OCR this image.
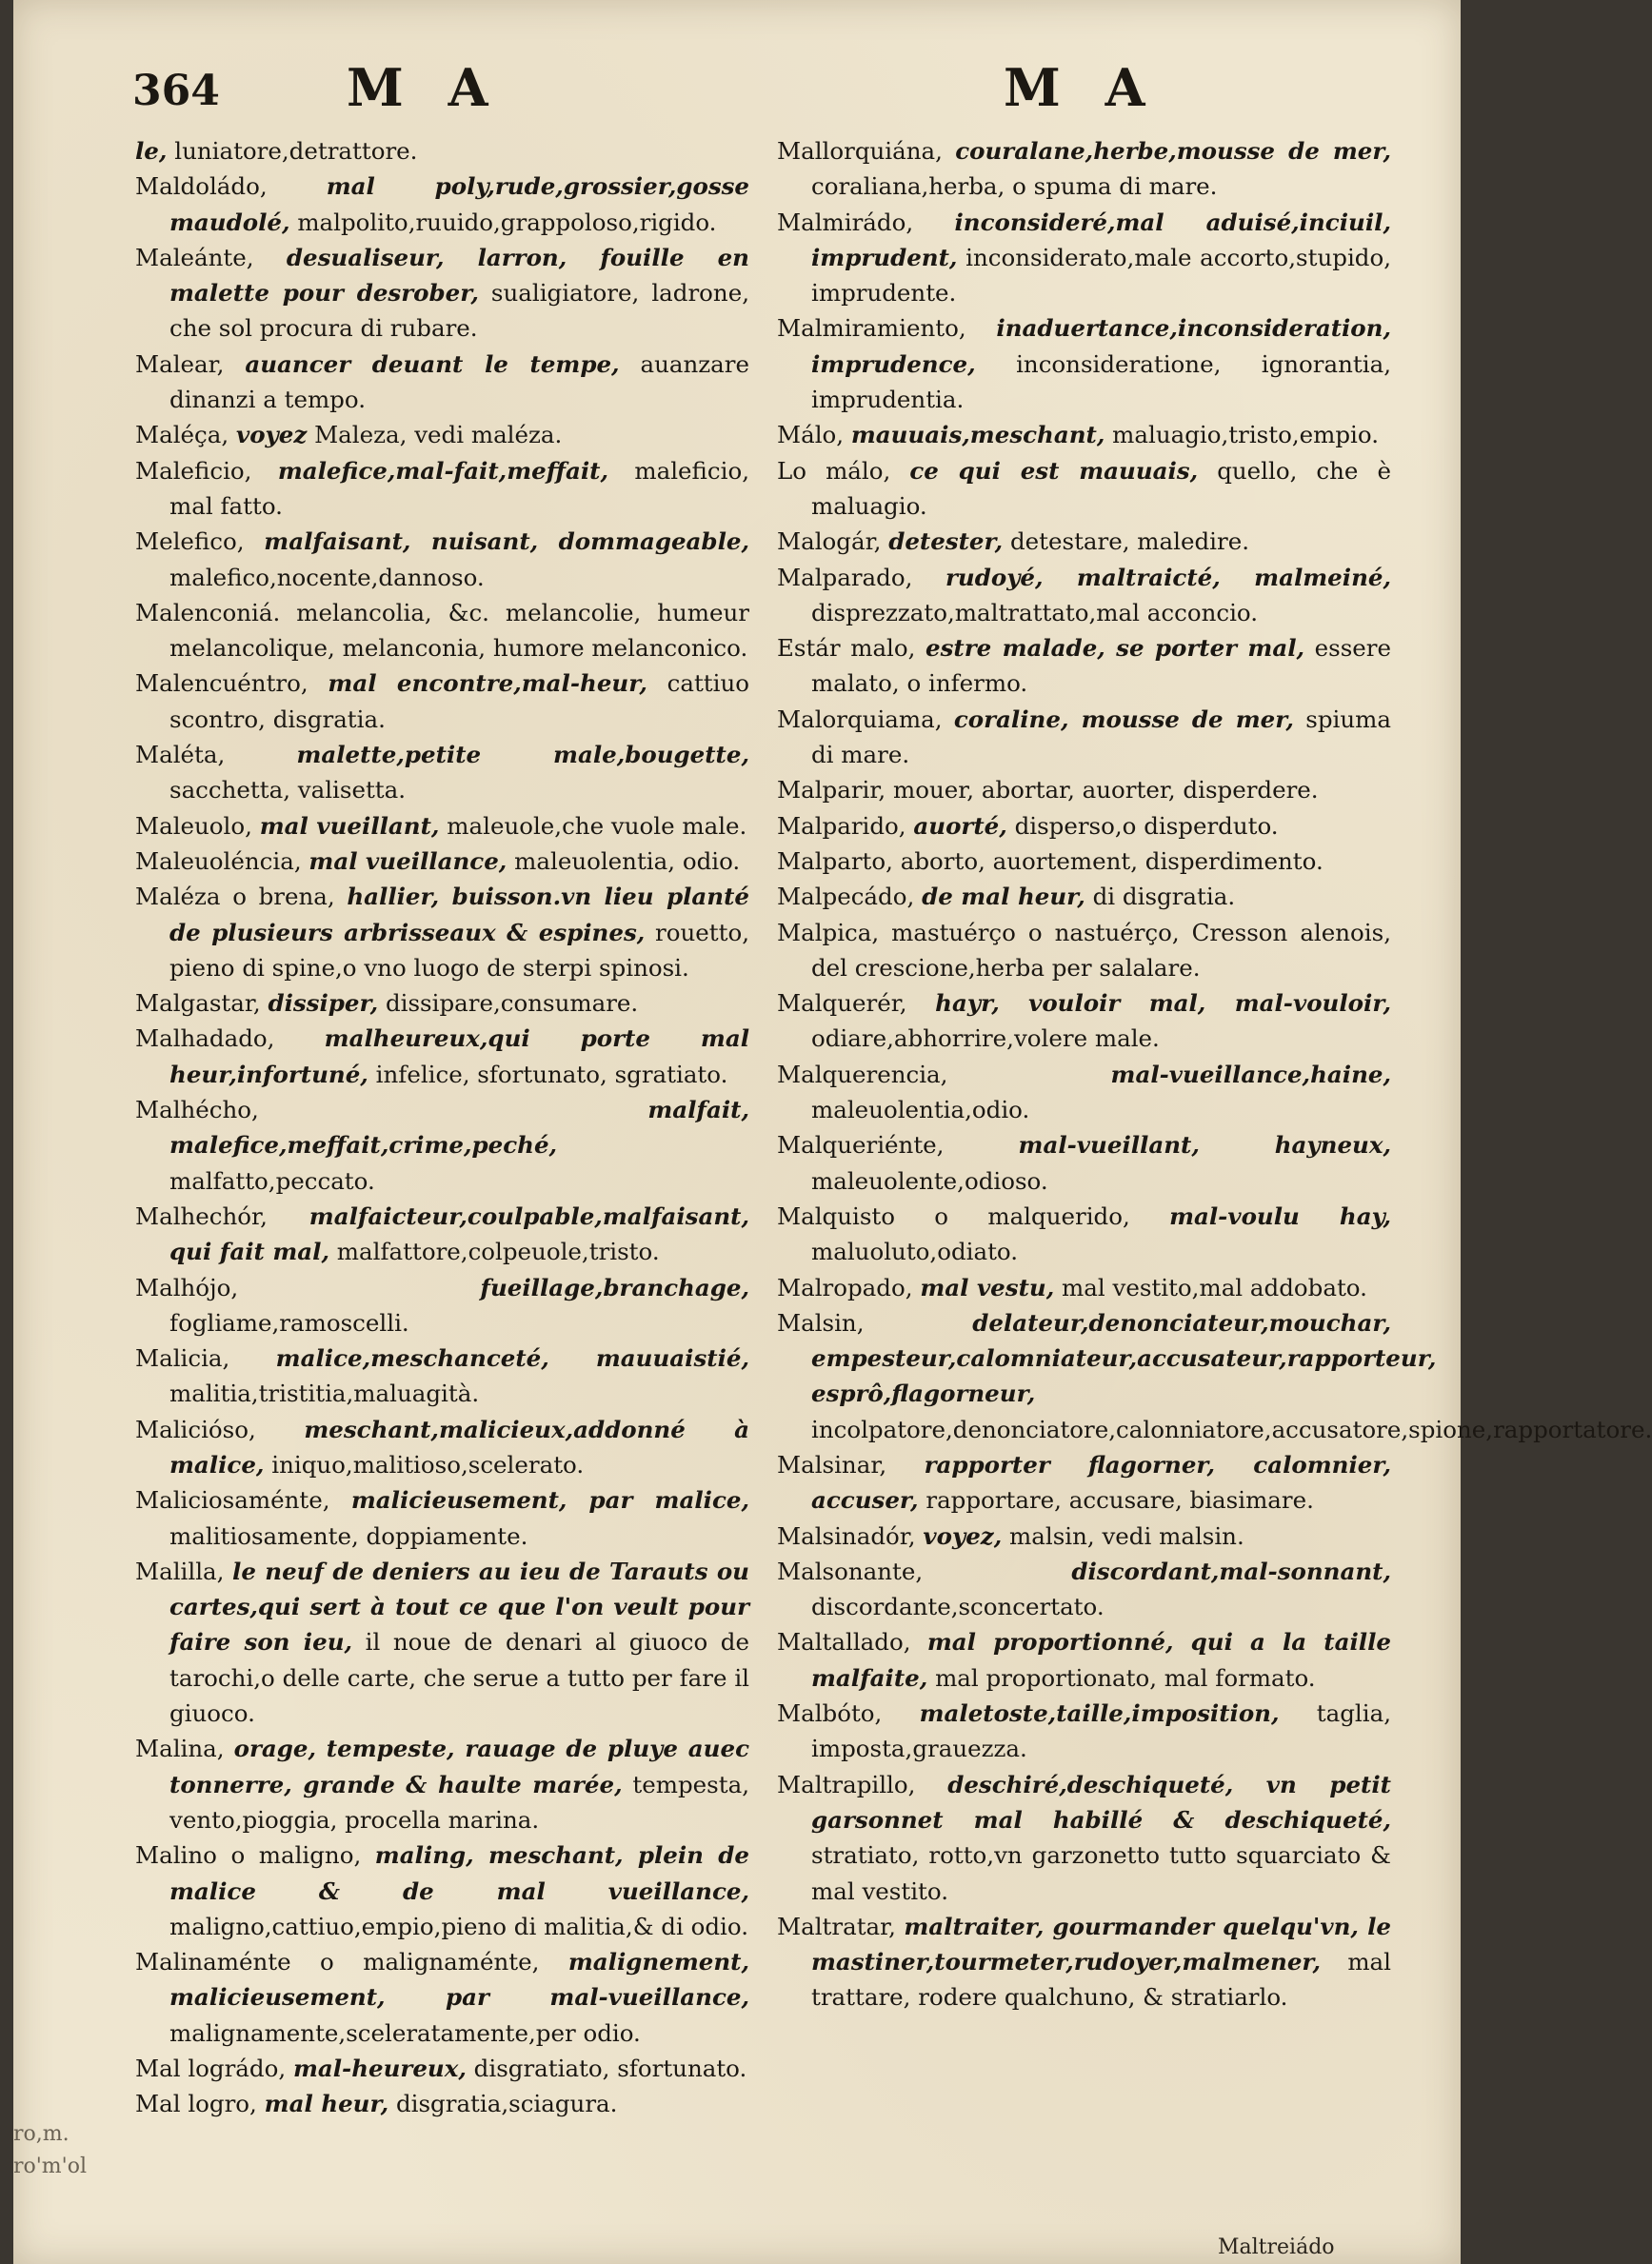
364 M A	M A
le, luniatore,detrattore.
Maldoládo,	mal poly,rude,grossier,gosse maudolé, malpolito,ruuido,grappoloso,rigido.
Maleánte, desualiseur, larron, fouille en malette pour desrober, sualigiatore, ladrone, che sol procura di rubare.
Malear, auancer deuant le tempe, auanzare dinanzi a tempo.
Maléça, voyez Maleza, vedi maléza.
Maleficio, malefice,mal-fait,meffait, maleficio, mal fatto.
Melefico, malfaisant, nuisant, dommageable, malefico,nocente,dannoso.
Malenconiá. melancolia, &c. melancolie, humeur melancolique, melanconia, humore melanconico.
Malencuéntro, mal encontre,mal-heur, cattiuo scontro, disgratia.
Maléta,	malette,petite male,bougette, sacchetta, valisetta.
Maleuolo, mal vueillant, maleuole,che vuole male.
Maleuoléncia, mal vueillance, maleuolentia, odio.
Maléza o brena, hallier, buisson.vn lieu planté de plusieurs arbrisseaux & espines, rouetto, pieno di spine,o vno luogo de sterpi spinosi.
Malgastar, dissiper, dissipare,consumare.
Malhadado, malheureux,qui porte mal heur,infortuné, infelice, sfortunato, sgratiato.
Malhécho,	malfait, malefice,meffait,crime,peché, malfatto,peccato.
Malhechór, malfaicteur,coulpable,malfaisant, qui fait mal, malfattore,colpeuole,tristo.
Malhójo,	fueillage,branchage, fogliame,ramoscelli.
Malicia, malice,meschanceté, mauuaistié, malitia,tristitia,maluagità.
Malicióso, meschant,malicieux,addonné à malice, iniquo,malitioso,scelerato.
Maliciosaménte, malicieusement, par malice, malitiosamente, doppiamente.
Malilla, le neuf de deniers au ieu de Tarauts ou cartes,qui sert à tout ce que l'on veult pour faire son ieu, il noue de denari al giuoco de tarochi,o delle carte, che serue a tutto per fare il giuoco.
Malina, orage, tempeste, rauage de pluye auec tonnerre, grande & haulte marée, tempesta, vento,pioggia, procella marina.
Malino o maligno, maling, meschant, plein de malice & de mal vueillance, maligno,cattiuo,empio,pieno di malitia,& di odio.
Malinaménte o malignaménte, malignement, malicieusement, par mal-vueillance, malignamente,sceleratamente,per odio.
Mal lográdo, mal-heureux, disgratiato, sfortunato.
Mal logro, mal heur, disgratia,sciagura.
Mallorquiána, couralane,herbe,mousse de mer, coraliana,herba, o spuma di mare.
Malmirádo, inconsideré,mal aduisé,inciuil, imprudent, inconsiderato,male accorto,stupido, imprudente.
Malmiramiento, inaduertance,inconsideration, imprudence, inconsideratione, ignorantia, imprudentia.
Málo, mauuais,meschant, maluagio,tristo,empio.
Lo málo, ce qui est mauuais, quello, che è maluagio.
Malogár, detester, detestare, maledire.
Malparado, rudoyé, maltraicté, malmeiné, disprezzato,maltrattato,mal acconcio.
Estár malo, estre malade, se porter mal, essere malato, o infermo.
Malorquiama, coraline, mousse de mer, spiuma di mare.
Malparir, mouer, abortar, auorter, disperdere.
Malparido, auorté, disperso,o disperduto.
Malparto, aborto, auortement, disperdimento.
Malpecádo, de mal heur, di disgratia.
Malpica, mastuérço o nastuérço, Cresson alenois, del crescione,herba per salalare.
Malquerér, hayr, vouloir mal, mal-vouloir, odiare,abhorrire,volere male.
Malquerencia,	mal-vueillance,haine, maleuolentia,odio.
Malqueriénte,	mal-vueillant, hayneux, maleuolente,odioso.
Malquisto o malquerido, mal-voulu hay, maluoluto,odiato.
Malropado, mal vestu, mal vestito,mal addobato.
Malsin,	delateur,denonciateur,mouchar, empesteur,calomniateur,accusateur,rapporteur, esprô,flagorneur, incolpatore,denonciatore,calonniatore,accusatore,spione,rapportatore.
Malsinar, rapporter flagorner, calomnier, accuser, rapportare, accusare, biasimare.
Malsinadór, voyez, malsin, vedi malsin.
Malsonante,	discordant,mal-sonnant, discordante,sconcertato.
Maltallado, mal proportionné, qui a la taille malfaite, mal proportionato, mal formato.
Malbóto, maletoste,taille,imposition, taglia, imposta,grauezza.
Maltrapillo, deschiré,deschiqueté, vn petit garsonnet mal habillé & deschiqueté, stratiato, rotto,vn garzonetto tutto squarciato & mal vestito.
Maltratar, maltraiter, gourmander quelqu'vn, le mastiner,tourmeter,rudoyer,malmener, mal trattare, rodere qualchuno, & stratiarlo.
ro,m.
ro'm'ol
Maltreiádo
